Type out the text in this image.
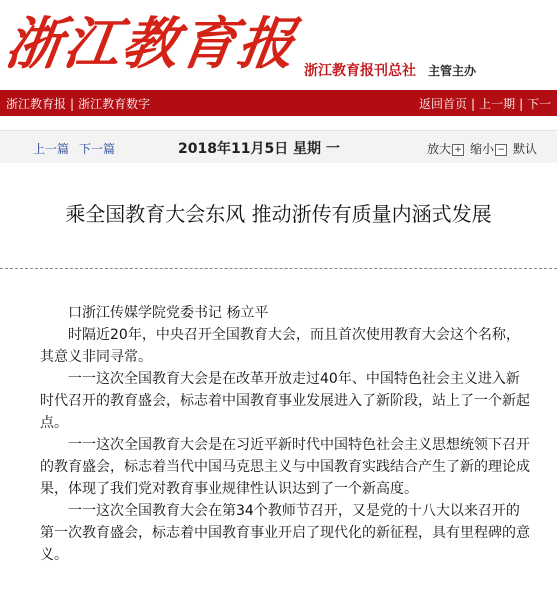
浙江教育报 浙江教育报刊总社 主管主办
浙江教育报 | 浙江教育数字	返回首页 | 上一期 | 下一
上一篇 下一篇	2018年11月5日 星期 一	放大 + 缩小 − 默认
乘全国教育大会东风 推动浙传有质量内涵式发展

口浙江传媒学院党委书记 杨立平

时隔近20年，中央召开全国教育大会，而且首次使用教育大会这个名称，其意义非同寻常。

一一这次全国教育大会是在改革开放走过40年、中国特色社会主义进入新时代召开的教育盛会，标志着中国教育事业发展进入了新阶段，站上了一个新起点。

一一这次全国教育大会是在习近平新时代中国特色社会主义思想统领下召开的教育盛会，标志着当代中国马克思主义与中国教育实践结合产生了新的理论成果，体现了我们党对教育事业规律性认识达到了一个新高度。

一一这次全国教育大会在第34个教师节召开，又是党的十八大以来召开的第一次教育盛会，标志着中国教育事业开启了现代化的新征程，具有里程碑的意义。
